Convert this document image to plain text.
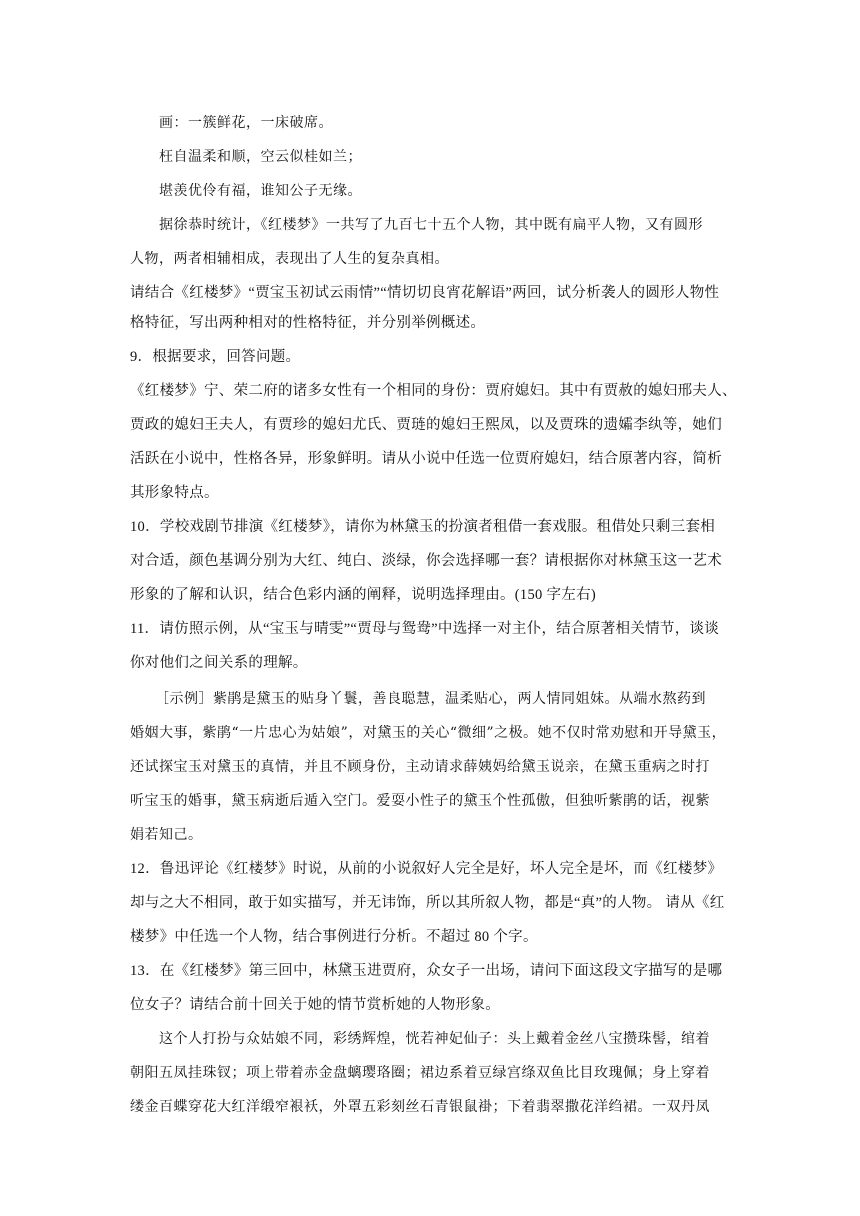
画：一簇鲜花，一床破席。
枉自温柔和顺，空云似桂如兰；
堪羡优伶有福，谁知公子无缘。
据徐恭时统计，《红楼梦》一共写了九百七十五个人物，其中既有扁平人物，又有圆形
人物，两者相辅相成，表现出了人生的复杂真相。
请结合《红楼梦》“贾宝玉初试云雨情”“情切切良宵花解语”两回，试分析袭人的圆形人物性
格特征，写出两种相对的性格特征，并分别举例概述。
9．根据要求，回答问题。
《红楼梦》宁、荣二府的诸多女性有一个相同的身份：贾府媳妇。其中有贾赦的媳妇邢夫人、
贾政的媳妇王夫人，有贾珍的媳妇尤氏、贾琏的媳妇王熙凤，以及贾珠的遗孀李纨等，她们
活跃在小说中，性格各异，形象鲜明。请从小说中任选一位贾府媳妇，结合原著内容，简析
其形象特点。
10．学校戏剧节排演《红楼梦》，请你为林黛玉的扮演者租借一套戏服。租借处只剩三套相
对合适，颜色基调分别为大红、纯白、淡绿，你会选择哪一套？请根据你对林黛玉这一艺术
形象的了解和认识，结合色彩内涵的阐释，说明选择理由。(150 字左右)
11．请仿照示例，从“宝玉与晴雯”“贾母与鸳鸯”中选择一对主仆，结合原著相关情节，谈谈
你对他们之间关系的理解。
［示例］紫鹃是黛玉的贴身丫鬟，善良聪慧，温柔贴心，两人情同姐妹。从端水熬药到
婚姻大事，紫鹃“一片忠心为姑娘”，对黛玉的关心“微细”之极。她不仅时常劝慰和开导黛玉，
还试探宝玉对黛玉的真情，并且不顾身份，主动请求薛姨妈给黛玉说亲，在黛玉重病之时打
听宝玉的婚事，黛玉病逝后遁入空门。爱耍小性子的黛玉个性孤傲，但独听紫鹃的话，视紫
娟若知己。
12．鲁迅评论《红楼梦》时说，从前的小说叙好人完全是好，坏人完全是坏，而《红楼梦》
却与之大不相同，敢于如实描写，并无讳饰，所以其所叙人物，都是“真”的人物。 请从《红
楼梦》中任选一个人物，结合事例进行分析。不超过 80 个字。
13．在《红楼梦》第三回中，林黛玉进贾府，众女子一出场，请问下面这段文字描写的是哪
位女子？请结合前十回关于她的情节赏析她的人物形象。
这个人打扮与众姑娘不同，彩绣辉煌，恍若神妃仙子：头上戴着金丝八宝攒珠髻，绾着
朝阳五凤挂珠钗；项上带着赤金盘螭璎珞圈；裙边系着豆绿宫绦双鱼比目玫瑰佩；身上穿着
缕金百蝶穿花大红洋缎窄裉袄，外罩五彩刻丝石青银鼠褂；下着翡翠撒花洋绉裙。一双丹凤
